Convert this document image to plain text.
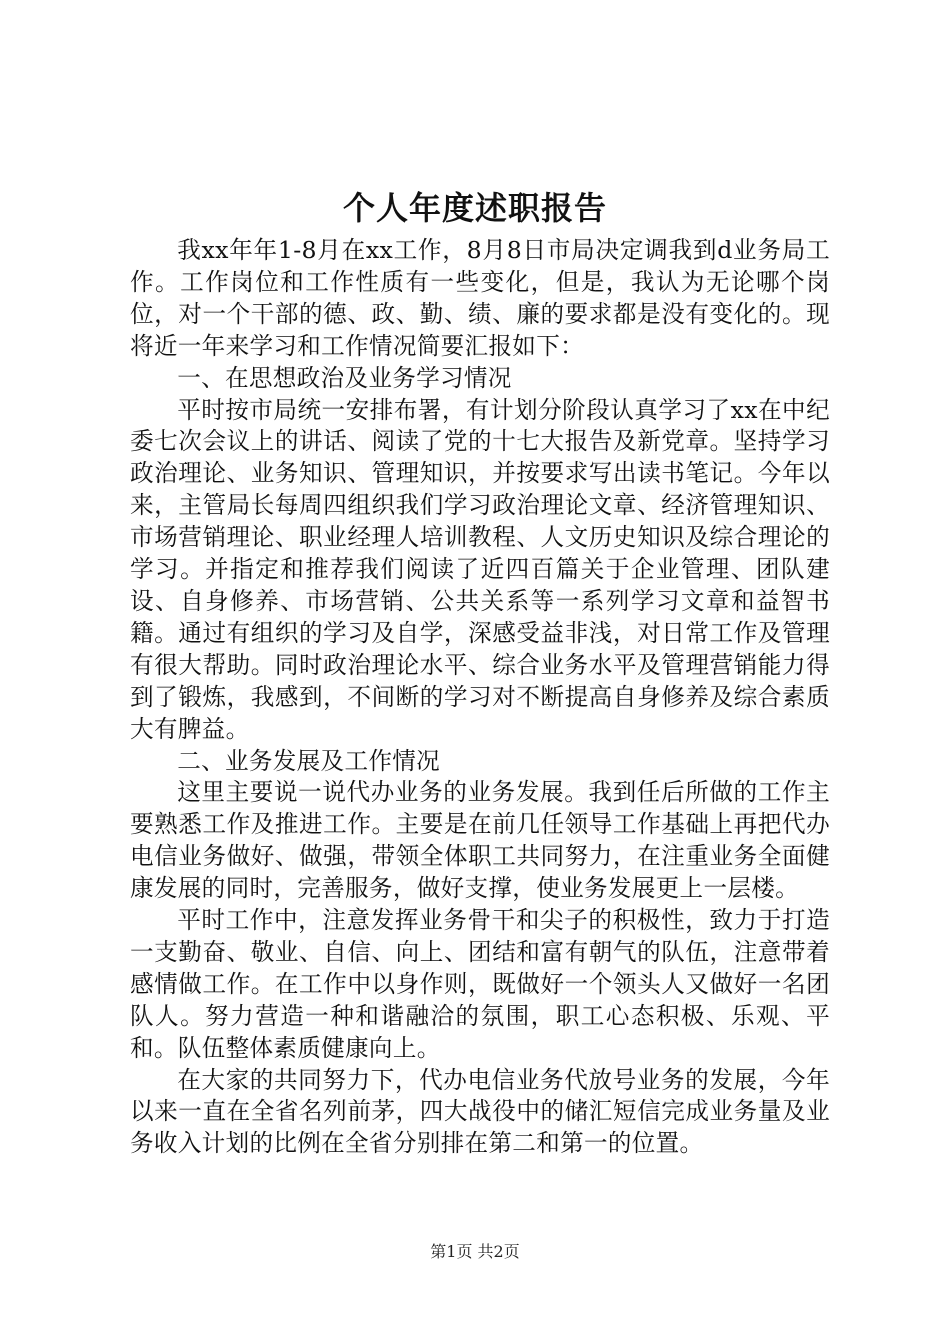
个人年度述职报告

我xx年年1-8月在xx工作，8月8日市局决定调我到d业务局工作。工作岗位和工作性质有一些变化，但是，我认为无论哪个岗位，对一个干部的德、政、勤、绩、廉的要求都是没有变化的。现将近一年来学习和工作情况简要汇报如下：

一、在思想政治及业务学习情况

平时按市局统一安排布署，有计划分阶段认真学习了xx在中纪委七次会议上的讲话、阅读了党的十七大报告及新党章。坚持学习政治理论、业务知识、管理知识，并按要求写出读书笔记。今年以来，主管局长每周四组织我们学习政治理论文章、经济管理知识、市场营销理论、职业经理人培训教程、人文历史知识及综合理论的学习。并指定和推荐我们阅读了近四百篇关于企业管理、团队建设、自身修养、市场营销、公共关系等一系列学习文章和益智书籍。通过有组织的学习及自学，深感受益非浅，对日常工作及管理有很大帮助。同时政治理论水平、综合业务水平及管理营销能力得到了锻炼，我感到，不间断的学习对不断提高自身修养及综合素质大有脾益。

二、业务发展及工作情况

这里主要说一说代办业务的业务发展。我到任后所做的工作主要熟悉工作及推进工作。主要是在前几任领导工作基础上再把代办电信业务做好、做强，带领全体职工共同努力，在注重业务全面健康发展的同时，完善服务，做好支撑，使业务发展更上一层楼。

平时工作中，注意发挥业务骨干和尖子的积极性，致力于打造一支勤奋、敬业、自信、向上、团结和富有朝气的队伍，注意带着感情做工作。在工作中以身作则，既做好一个领头人又做好一名团队人。努力营造一种和谐融洽的氛围，职工心态积极、乐观、平和。队伍整体素质健康向上。

在大家的共同努力下，代办电信业务代放号业务的发展，今年以来一直在全省名列前茅，四大战役中的储汇短信完成业务量及业务收入计划的比例在全省分别排在第二和第一的位置。

第1页 共2页
